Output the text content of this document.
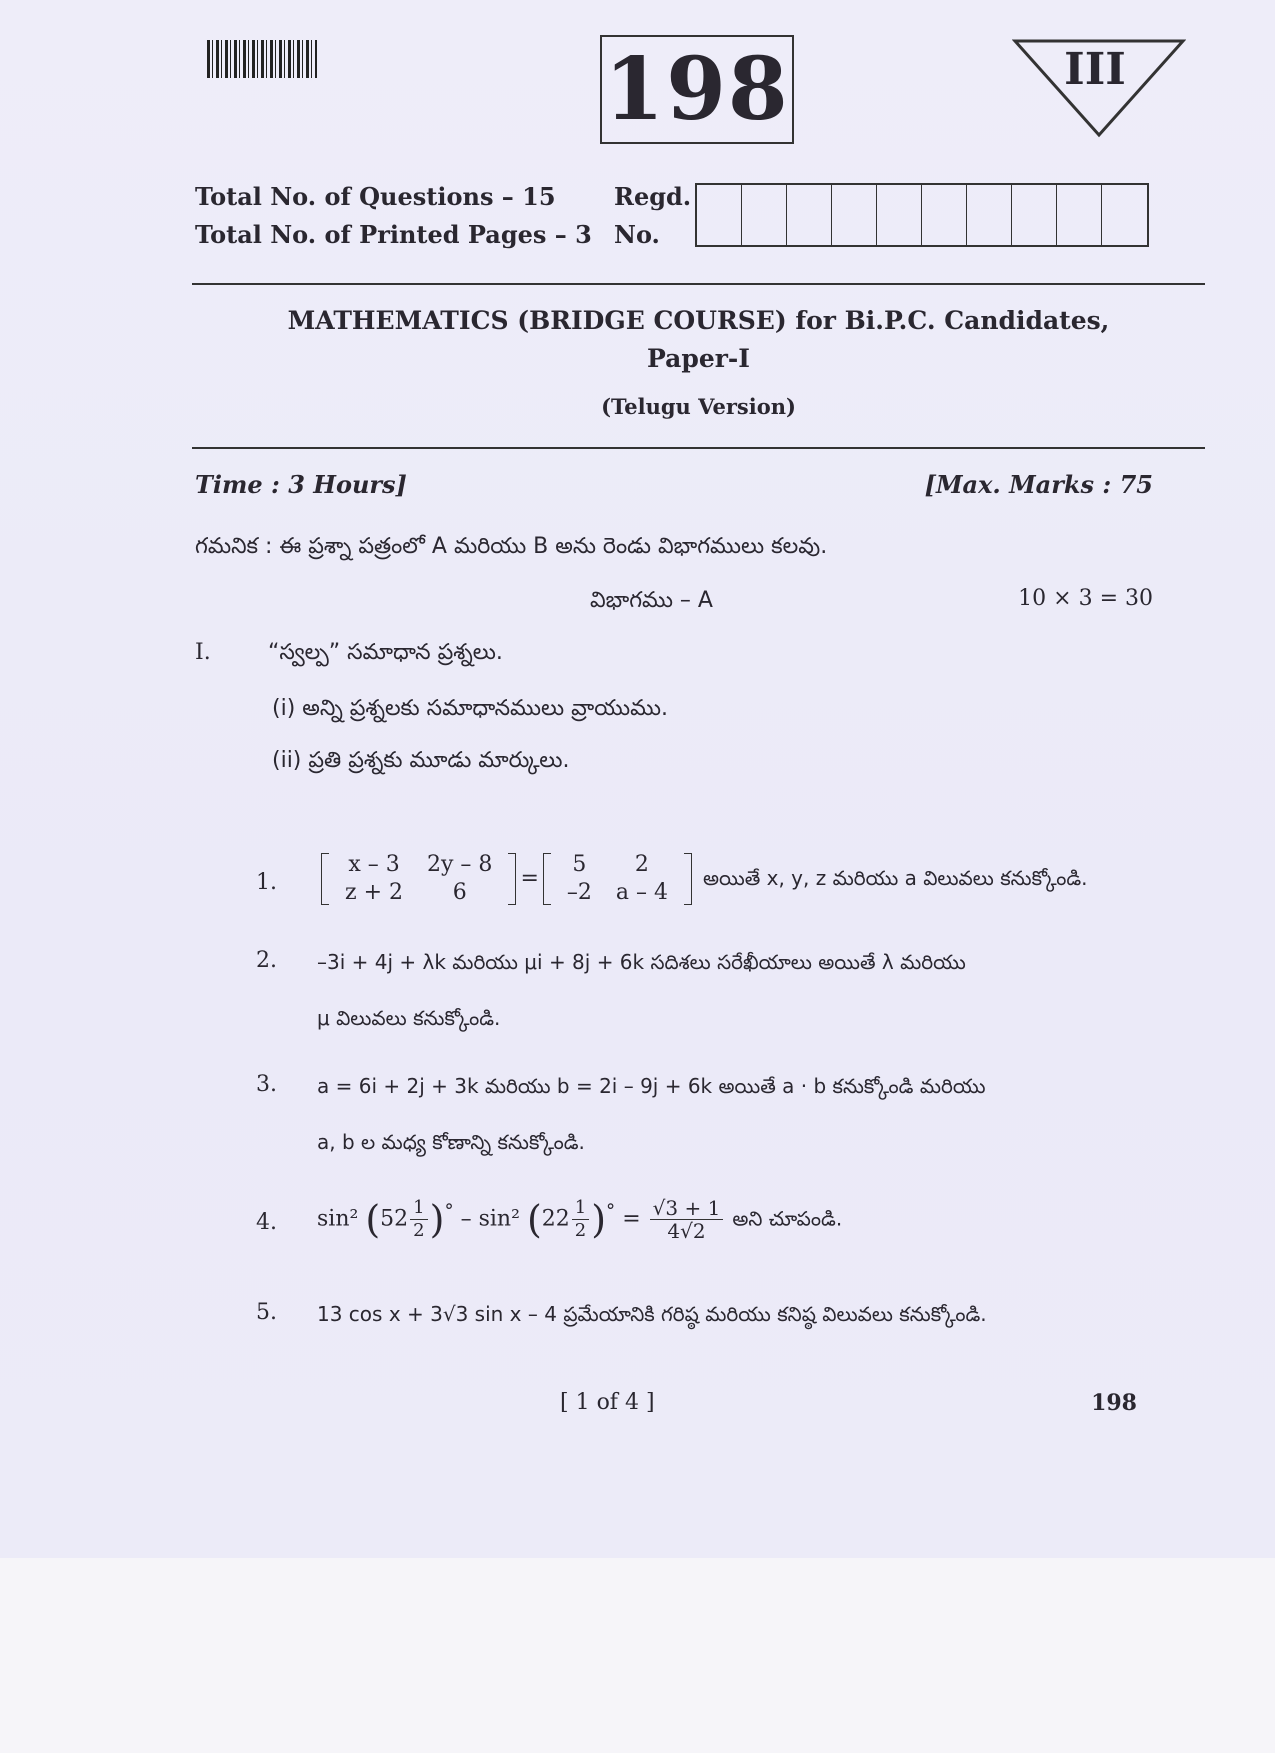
198	III
Total No. of Questions – 15
Total No. of Printed Pages – 3
Regd.
No.
MATHEMATICS (BRIDGE COURSE) for Bi.P.C. Candidates,
Paper-I
(Telugu Version)
Time : 3 Hours]	[Max. Marks : 75
గమనిక : ఈ ప్రశ్నా పత్రంలో A మరియు B అను రెండు విభాగములు కలవు.
విభాగము – A	10 × 3 = 30
I.	“స్వల్ప” సమాధాన ప్రశ్నలు.
(i) అన్ని ప్రశ్నలకు సమాధానములు వ్రాయుము.
(ii) ప్రతి ప్రశ్నకు మూడు మార్కులు.
1.
x – 3	2y – 8
z + 2	6
=
5	2
–2	a – 4
అయితే x, y, z మరియు a విలువలు కనుక్కోండి.
2. –3i + 4j + λk మరియు μi + 8j + 6k సదిశలు సరేఖీయాలు అయితే λ మరియు
μ విలువలు కనుక్కోండి.
3. a = 6i + 2j + 3k మరియు b = 2i – 9j + 6k అయితే a · b కనుక్కోండి మరియు
a, b ల మధ్య కోణాన్ని కనుక్కోండి.
4. sin² $(52 \frac{1}{2} )^\circ - \sin^2$ $(22 \frac{1}{2} )^\circ = \frac{√3 + 1}{4√2}$ అని చూపండి.
5. 13 cos x + 3√3 sin x – 4 ప్రమేయానికి గరిష్ఠ మరియు కనిష్ఠ విలువలు కనుక్కోండి.
[ 1 of 4 ]	198
